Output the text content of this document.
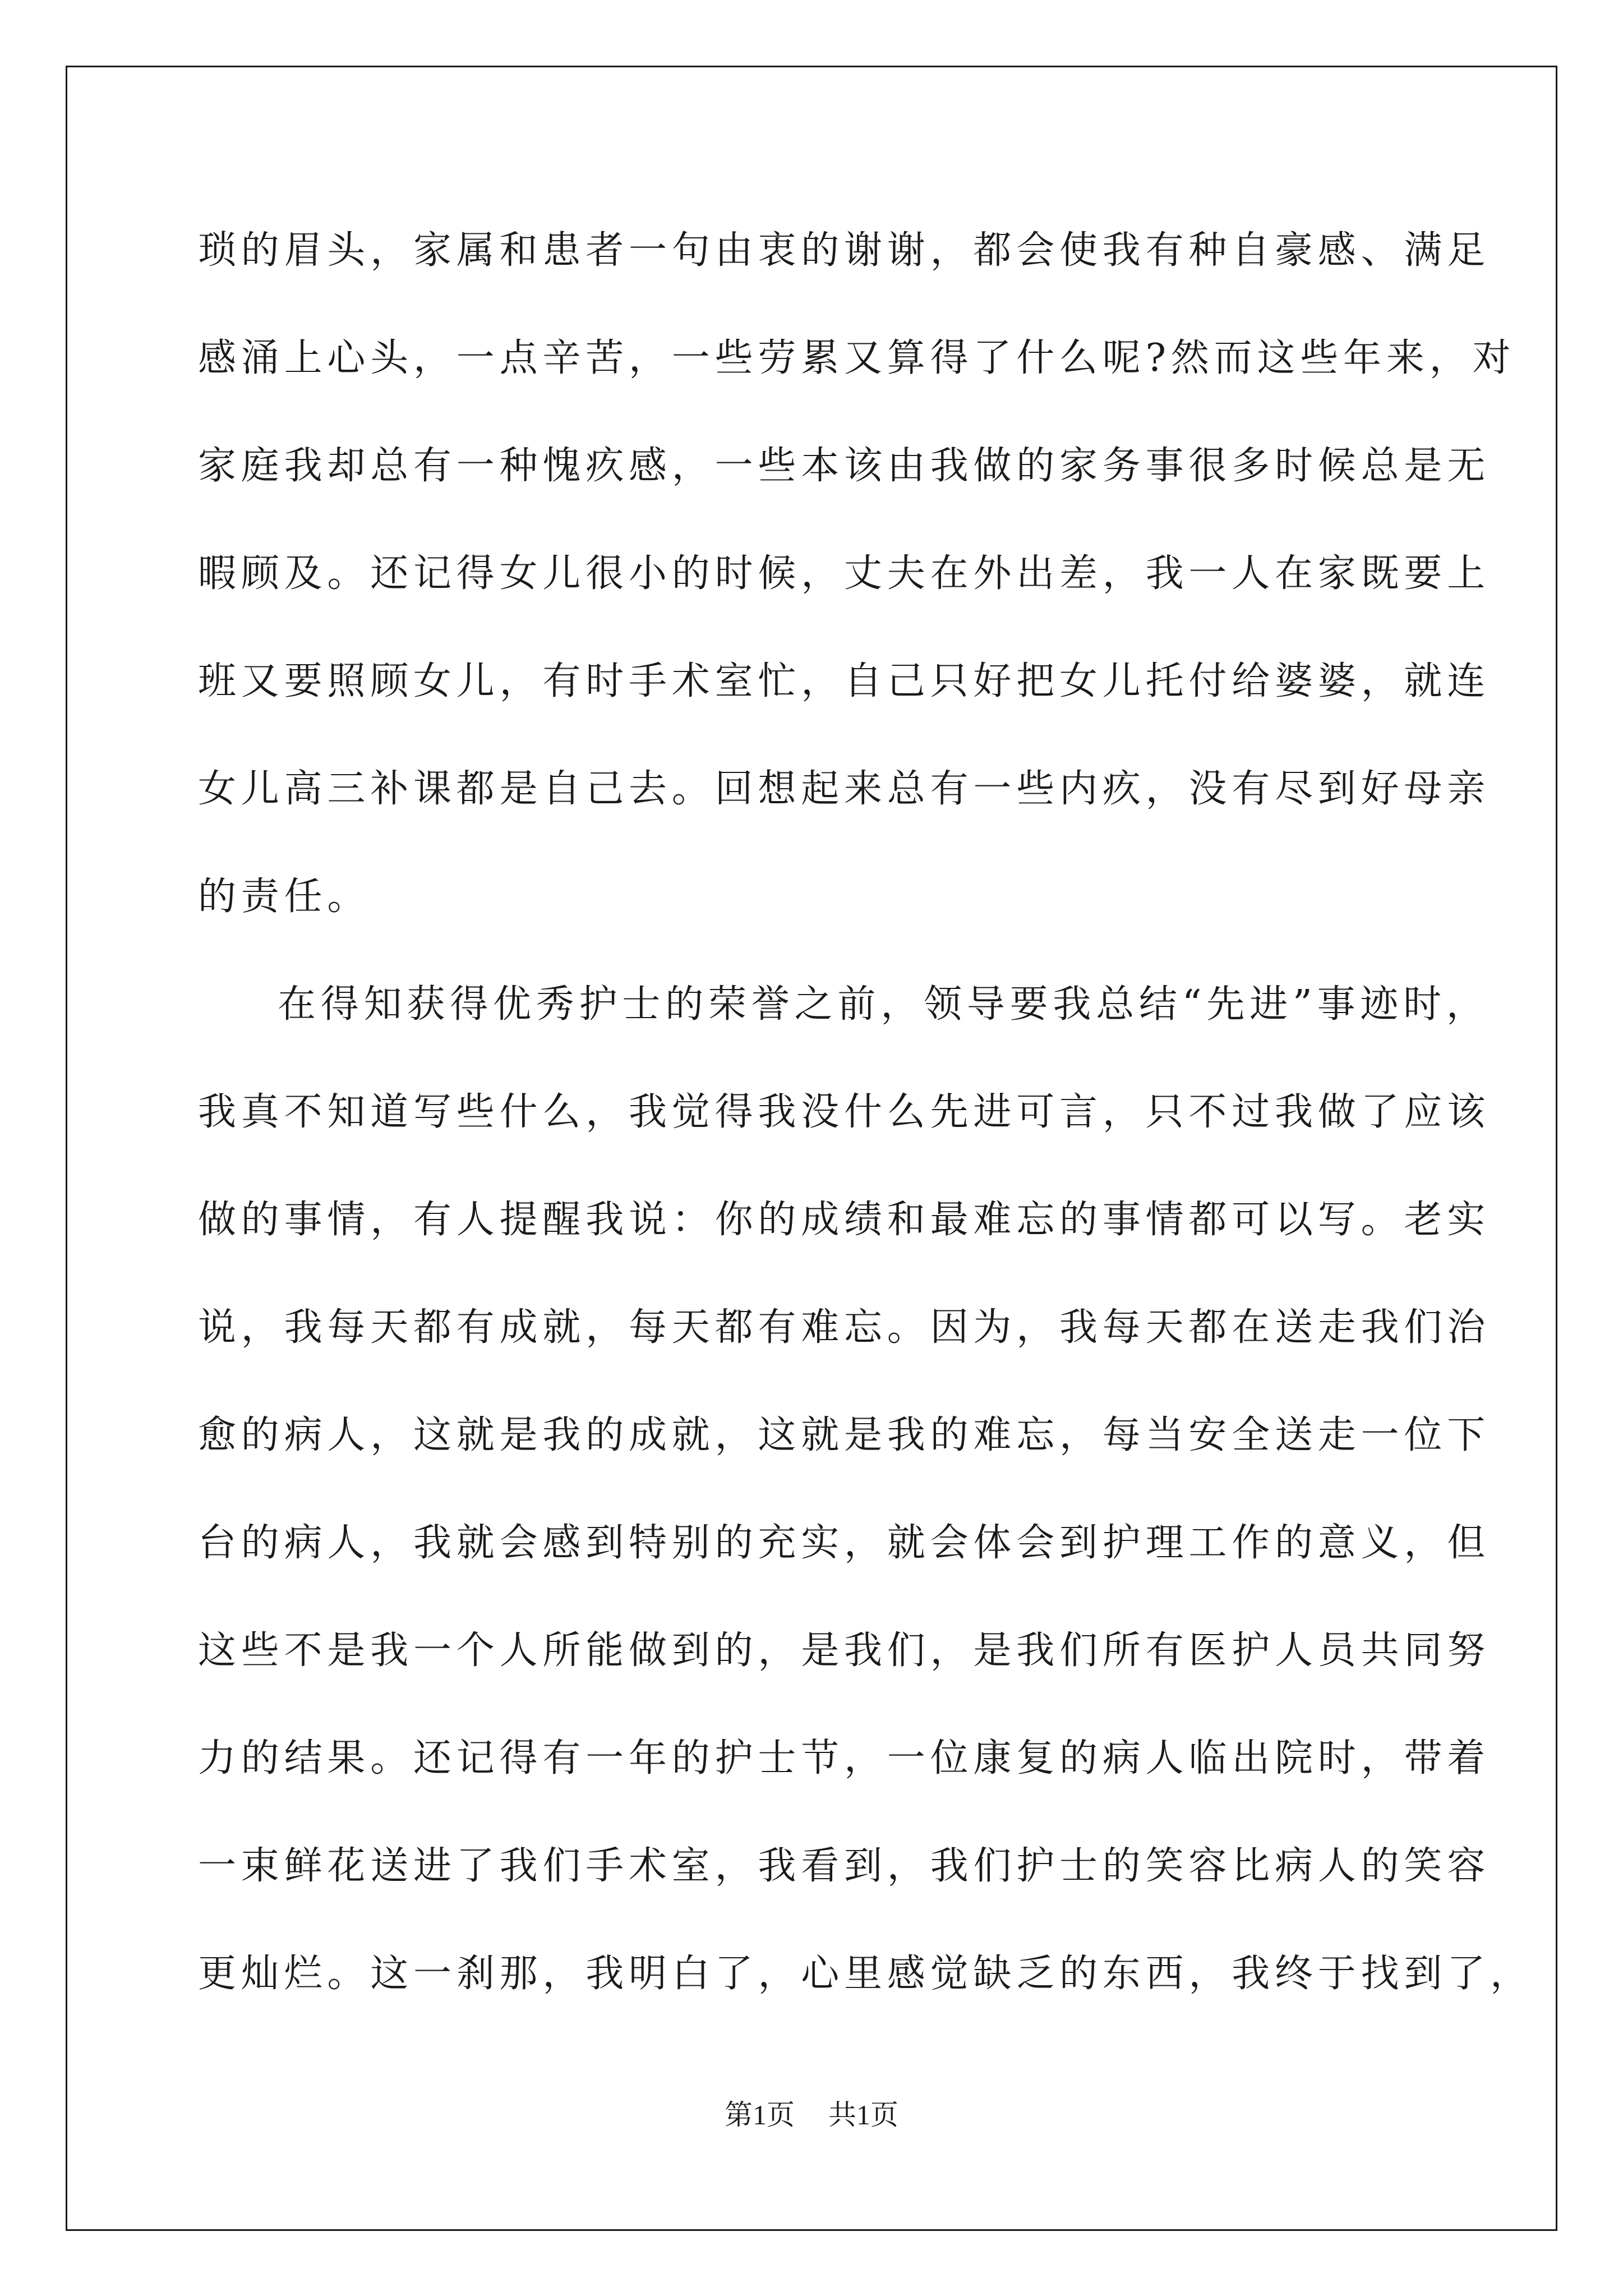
琐的眉头，家属和患者一句由衷的谢谢，都会使我有种自豪感、满足
感涌上心头，一点辛苦，一些劳累又算得了什么呢?然而这些年来，对
家庭我却总有一种愧疚感，一些本该由我做的家务事很多时候总是无
暇顾及。还记得女儿很小的时候，丈夫在外出差，我一人在家既要上
班又要照顾女儿，有时手术室忙，自己只好把女儿托付给婆婆，就连
女儿高三补课都是自己去。回想起来总有一些内疚，没有尽到好母亲
的责任。
在得知获得优秀护士的荣誉之前，领导要我总结“先进”事迹时，
我真不知道写些什么，我觉得我没什么先进可言，只不过我做了应该
做的事情，有人提醒我说：你的成绩和最难忘的事情都可以写。老实
说，我每天都有成就，每天都有难忘。因为，我每天都在送走我们治
愈的病人，这就是我的成就，这就是我的难忘，每当安全送走一位下
台的病人，我就会感到特别的充实，就会体会到护理工作的意义，但
这些不是我一个人所能做到的，是我们，是我们所有医护人员共同努
力的结果。还记得有一年的护士节，一位康复的病人临出院时，带着
一束鲜花送进了我们手术室，我看到，我们护士的笑容比病人的笑容
更灿烂。这一刹那，我明白了，心里感觉缺乏的东西，我终于找到了，
第1页 共1页
